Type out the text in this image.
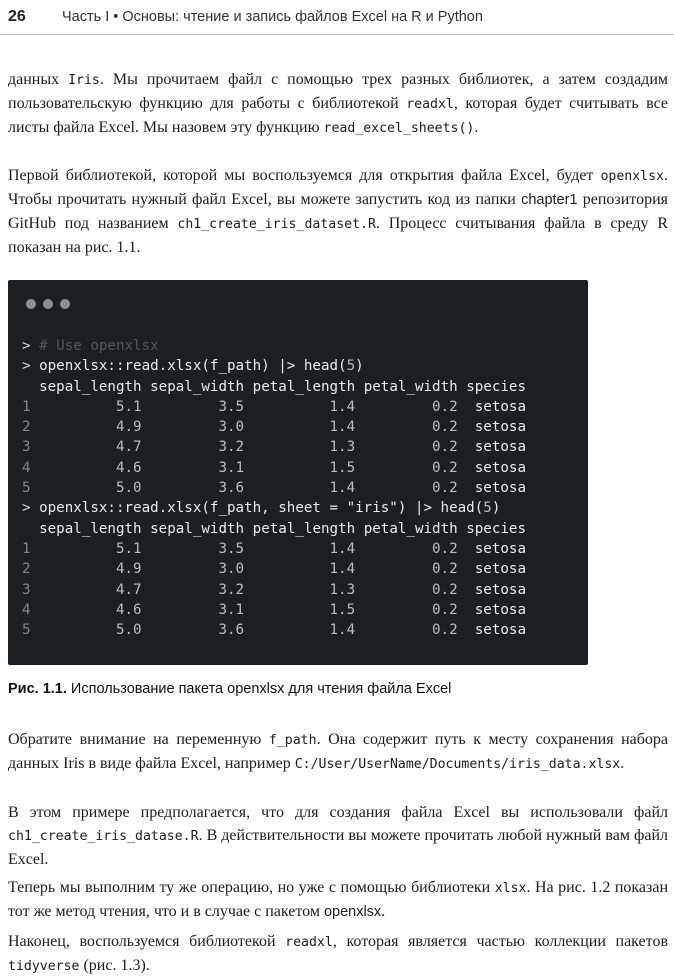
26 Часть I • Основы: чтение и запись файлов Excel на R и Python

данных Iris. Мы прочитаем файл с помощью трех разных библиотек, а затем создадим пользовательскую функцию для работы с библиотекой readxl, которая будет считывать все листы файла Excel. Мы назовем эту функцию read_excel_sheets().

Первой библиотекой, которой мы воспользуемся для открытия файла Excel, будет openxlsx. Чтобы прочитать нужный файл Excel, вы можете запустить код из папки chapter1 репозитория GitHub под названием ch1_create_iris_dataset.R. Процесс считывания файла в среду R показан на рис. 1.1.

> # Use openxlsx
> openxlsx::read.xlsx(f_path) |> head(5)
sepal_length sepal_width petal_length petal_width species
1	5.1	3.5	1.4	0.2 setosa
2	4.9	3.0	1.4	0.2 setosa
3	4.7	3.2	1.3	0.2 setosa
4	4.6	3.1	1.5	0.2 setosa
5	5.0	3.6	1.4	0.2 setosa
> openxlsx::read.xlsx(f_path, sheet = "iris") |> head(5)
sepal_length sepal_width petal_length petal_width species
1	5.1	3.5	1.4	0.2 setosa
2	4.9	3.0	1.4	0.2 setosa
3	4.7	3.2	1.3	0.2 setosa
4	4.6	3.1	1.5	0.2 setosa
5	5.0	3.6	1.4	0.2 setosa
Рис. 1.1. Использование пакета openxlsx для чтения файла Excel

Обратите внимание на переменную f_path. Она содержит путь к месту сохранения набора данных Iris в виде файла Excel, например C:/User/UserName/Documents/iris_data.xlsx.

В этом примере предполагается, что для создания файла Excel вы использовали файл ch1_create_iris_datase.R. В действительности вы можете прочитать любой нужный вам файл Excel.

Теперь мы выполним ту же операцию, но уже с помощью библиотеки xlsx. На рис. 1.2 показан тот же метод чтения, что и в случае с пакетом openxlsx.

Наконец, воспользуемся библиотекой readxl, которая является частью коллекции пакетов tidyverse (рис. 1.3).
